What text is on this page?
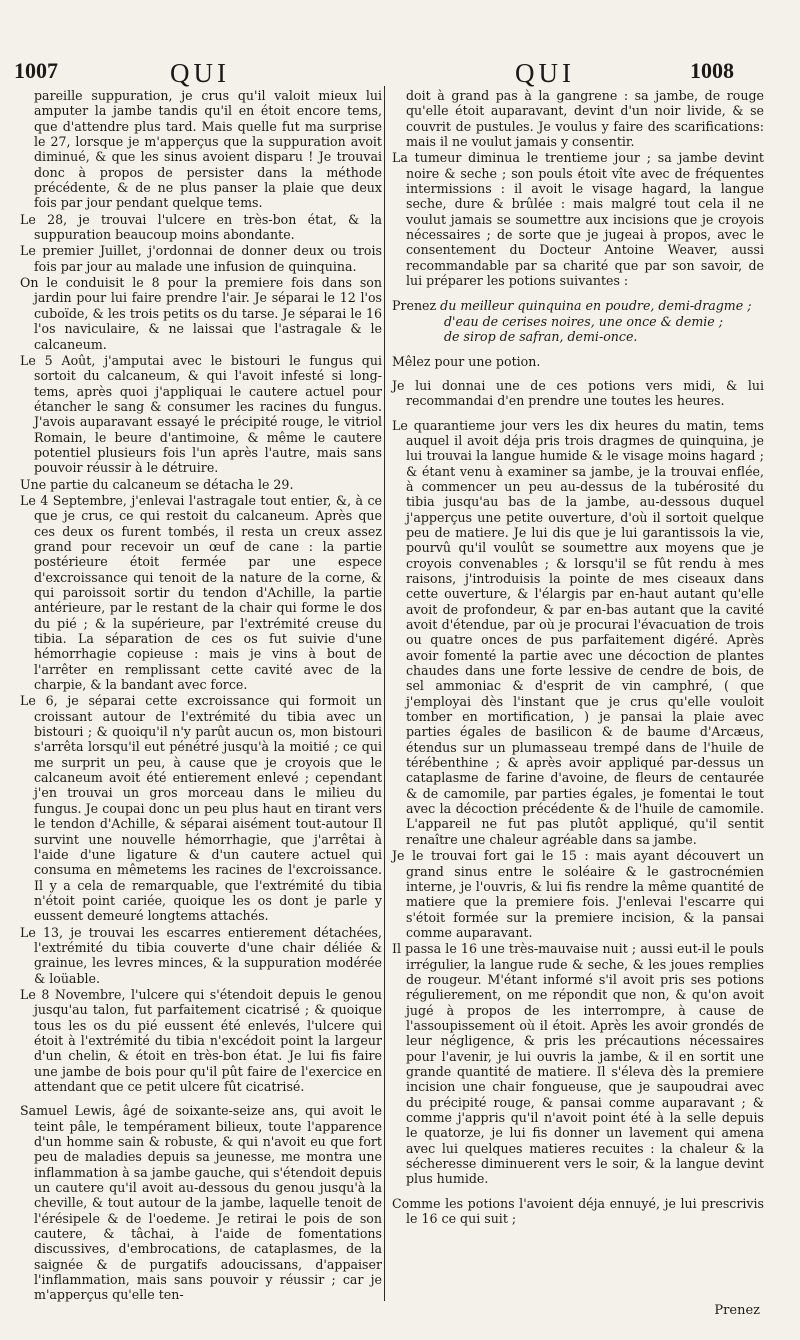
1007	QUI	QUI	1008

pareille suppuration, je crus qu'il valoit mieux lui amputer la jambe tandis qu'il en étoit encore tems, que d'attendre plus tard. Mais quelle fut ma surprise le 27, lorsque je m'apperçus que la suppuration avoit diminué, & que les sinus avoient disparu ! Je trouvai donc à propos de persister dans la méthode précédente, & de ne plus panser la plaie que deux fois par jour pendant quelque tems.

Le 28, je trouvai l'ulcere en très-bon état, & la suppuration beaucoup moins abondante.

Le premier Juillet, j'ordonnai de donner deux ou trois fois par jour au malade une infusion de quinquina.

On le conduisit le 8 pour la premiere fois dans son jardin pour lui faire prendre l'air. Je séparai le 12 l'os cuboïde, & les trois petits os du tarse. Je séparai le 16 l'os naviculaire, & ne laissai que l'astragale & le calcaneum.

Le 5 Août, j'amputai avec le bistouri le fungus qui sortoit du calcaneum, & qui l'avoit infesté si long-tems, après quoi j'appliquai le cautere actuel pour étancher le sang & consumer les racines du fungus. J'avois auparavant essayé le précipité rouge, le vitriol Romain, le beure d'antimoine, & même le cautere potentiel plusieurs fois l'un après l'autre, mais sans pouvoir réussir à le détruire.

Une partie du calcaneum se détacha le 29.

Le 4 Septembre, j'enlevai l'astragale tout entier, &, à ce que je crus, ce qui restoit du calcaneum. Après que ces deux os furent tombés, il resta un creux assez grand pour recevoir un œuf de cane : la partie postérieure étoit fermée par une espece d'excroissance qui tenoit de la nature de la corne, & qui paroissoit sortir du tendon d'Achille, la partie antérieure, par le restant de la chair qui forme le dos du pié ; & la supérieure, par l'extrémité creuse du tibia. La séparation de ces os fut suivie d'une hémorrhagie copieuse : mais je vins à bout de l'arrêter en remplissant cette cavité avec de la charpie, & la bandant avec force.

Le 6, je séparai cette excroissance qui formoit un croissant autour de l'extrémité du tibia avec un bistouri ; & quoiqu'il n'y parût aucun os, mon bistouri s'arrêta lorsqu'il eut pénétré jusqu'à la moitié ; ce qui me surprit un peu, à cause que je croyois que le calcaneum avoit été entierement enlevé ; cependant j'en trouvai un gros morceau dans le milieu du fungus. Je coupai donc un peu plus haut en tirant vers le tendon d'Achille, & séparai aisément tout-autour Il survint une nouvelle hémorrhagie, que j'arrêtai à l'aide d'une ligature & d'un cautere actuel qui consuma en mêmetems les racines de l'excroissance. Il y a cela de remarquable, que l'extrémité du tibia n'étoit point cariée, quoique les os dont je parle y eussent demeuré longtems attachés.

Le 13, je trouvai les escarres entierement détachées, l'extrémité du tibia couverte d'une chair déliée & grainue, les levres minces, & la suppuration modérée & loüable.

Le 8 Novembre, l'ulcere qui s'étendoit depuis le genou jusqu'au talon, fut parfaitement cicatrisé ; & quoique tous les os du pié eussent été enlevés, l'ulcere qui étoit à l'extrémité du tibia n'excédoit point la largeur d'un chelin, & étoit en très-bon état. Je lui fis faire une jambe de bois pour qu'il pût faire de l'exercice en attendant que ce petit ulcere fût cicatrisé.

Samuel Lewis, âgé de soixante-seize ans, qui avoit le teint pâle, le tempérament bilieux, toute l'apparence d'un homme sain & robuste, & qui n'avoit eu que fort peu de maladies depuis sa jeunesse, me montra une inflammation à sa jambe gauche, qui s'étendoit depuis un cautere qu'il avoit au-dessous du genou jusqu'à la cheville, & tout autour de la jambe, laquelle tenoit de l'érésipele & de l'oedeme. Je retirai le pois de son cautere, & tâchai, à l'aide de fomentations discussives, d'embrocations, de cataplasmes, de la saignée & de purgatifs adoucissans, d'appaiser l'inflammation, mais sans pouvoir y réussir ; car je m'apperçus qu'elle ten-

doit à grand pas à la gangrene : sa jambe, de rouge qu'elle étoit auparavant, devint d'un noir livide, & se couvrit de pustules. Je voulus y faire des scarifications: mais il ne voulut jamais y consentir.

La tumeur diminua le trentieme jour ; sa jambe devint noire & seche ; son pouls étoit vîte avec de fréquentes intermissions : il avoit le visage hagard, la langue seche, dure & brûlée : mais malgré tout cela il ne voulut jamais se soumettre aux incisions que je croyois nécessaires ; de sorte que je jugeai à propos, avec le consentement du Docteur Antoine Weaver, aussi recommandable par sa charité que par son savoir, de lui préparer les potions suivantes :

Prenez du meilleur quinquina en poudre, demi-dragme ;
d'eau de cerises noires, une once & demie ;
de sirop de safran, demi-once.

Mêlez pour une potion.

Je lui donnai une de ces potions vers midi, & lui recommandai d'en prendre une toutes les heures.

Le quarantieme jour vers les dix heures du matin, tems auquel il avoit déja pris trois dragmes de quinquina, je lui trouvai la langue humide & le visage moins hagard ; & étant venu à examiner sa jambe, je la trouvai enflée, à commencer un peu au-dessus de la tubérosité du tibia jusqu'au bas de la jambe, au-dessous duquel j'apperçus une petite ouverture, d'où il sortoit quelque peu de matiere. Je lui dis que je lui garantissois la vie, pourvû qu'il voulût se soumettre aux moyens que je croyois convenables ; & lorsqu'il se fût rendu à mes raisons, j'introduisis la pointe de mes ciseaux dans cette ouverture, & l'élargis par en-haut autant qu'elle avoit de profondeur, & par en-bas autant que la cavité avoit d'étendue, par où je procurai l'évacuation de trois ou quatre onces de pus parfaitement digéré. Après avoir fomenté la partie avec une décoction de plantes chaudes dans une forte lessive de cendre de bois, de sel ammoniac & d'esprit de vin camphré, ( que j'employai dès l'instant que je crus qu'elle vouloit tomber en mortification, ) je pansai la plaie avec parties égales de basilicon & de baume d'Arcæus, étendus sur un plumasseau trempé dans de l'huile de térébenthine ; & après avoir appliqué par-dessus un cataplasme de farine d'avoine, de fleurs de centaurée & de camomile, par parties égales, je fomentai le tout avec la décoction précédente & de l'huile de camomile. L'appareil ne fut pas plutôt appliqué, qu'il sentit renaître une chaleur agréable dans sa jambe.

Je le trouvai fort gai le 15 : mais ayant découvert un grand sinus entre le soléaire & le gastrocnémien interne, je l'ouvris, & lui fis rendre la même quantité de matiere que la premiere fois. J'enlevai l'escarre qui s'étoit formée sur la premiere incision, & la pansai comme auparavant.

Il passa le 16 une très-mauvaise nuit ; aussi eut-il le pouls irrégulier, la langue rude & seche, & les joues remplies de rougeur. M'étant informé s'il avoit pris ses potions régulierement, on me répondit que non, & qu'on avoit jugé à propos de les interrompre, à cause de l'assoupissement où il étoit. Après les avoir grondés de leur négligence, & pris les précautions nécessaires pour l'avenir, je lui ouvris la jambe, & il en sortit une grande quantité de matiere. Il s'éleva dès la premiere incision une chair fongueuse, que je saupoudrai avec du précipité rouge, & pansai comme auparavant ; & comme j'appris qu'il n'avoit point été à la selle depuis le quatorze, je lui fis donner un lavement qui amena avec lui quelques matieres recuites : la chaleur & la sécheresse diminuerent vers le soir, & la langue devint plus humide.

Comme les potions l'avoient déja ennuyé, je lui prescrivis le 16 ce qui suit ;

Prenez
